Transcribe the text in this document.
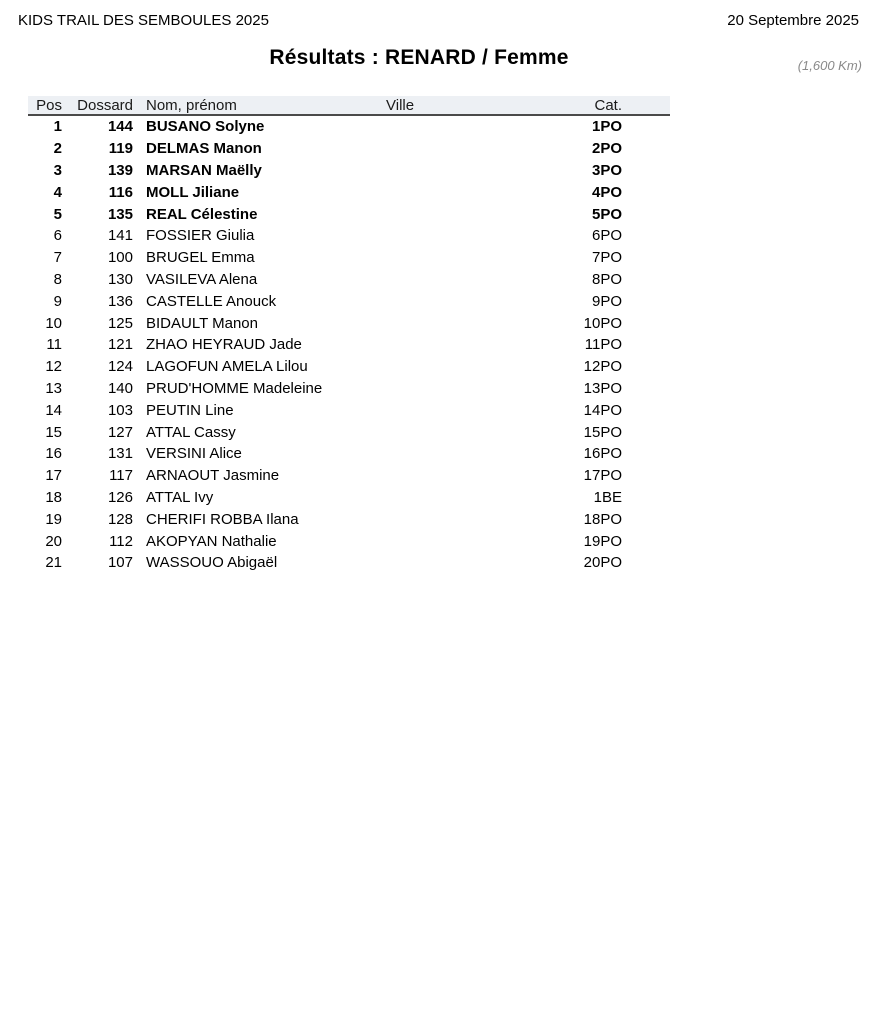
KIDS TRAIL DES SEMBOULES 2025	20 Septembre 2025
Résultats : RENARD / Femme	(1,600 Km)
Pos	Dossard Nom, prénom	Ville	Cat.
1	144 BUSANO Solyne	1PO
2	119 DELMAS Manon	2PO
3	139 MARSAN Maëlly	3PO
4	116 MOLL Jiliane	4PO
5	135 REAL Célestine	5PO
6	141 FOSSIER Giulia	6PO
7	100 BRUGEL Emma	7PO
8	130 VASILEVA Alena	8PO
9	136 CASTELLE Anouck	9PO
10	125 BIDAULT Manon	10PO
11	121 ZHAO HEYRAUD Jade	11PO
12	124 LAGOFUN AMELA Lilou	12PO
13	140 PRUD'HOMME Madeleine	13PO
14	103 PEUTIN Line	14PO
15	127 ATTAL Cassy	15PO
16	131 VERSINI Alice	16PO
17	117 ARNAOUT Jasmine	17PO
18	126 ATTAL Ivy	1BE
19	128 CHERIFI ROBBA Ilana	18PO
20	112 AKOPYAN Nathalie	19PO
21	107 WASSOUO Abigaël	20PO
